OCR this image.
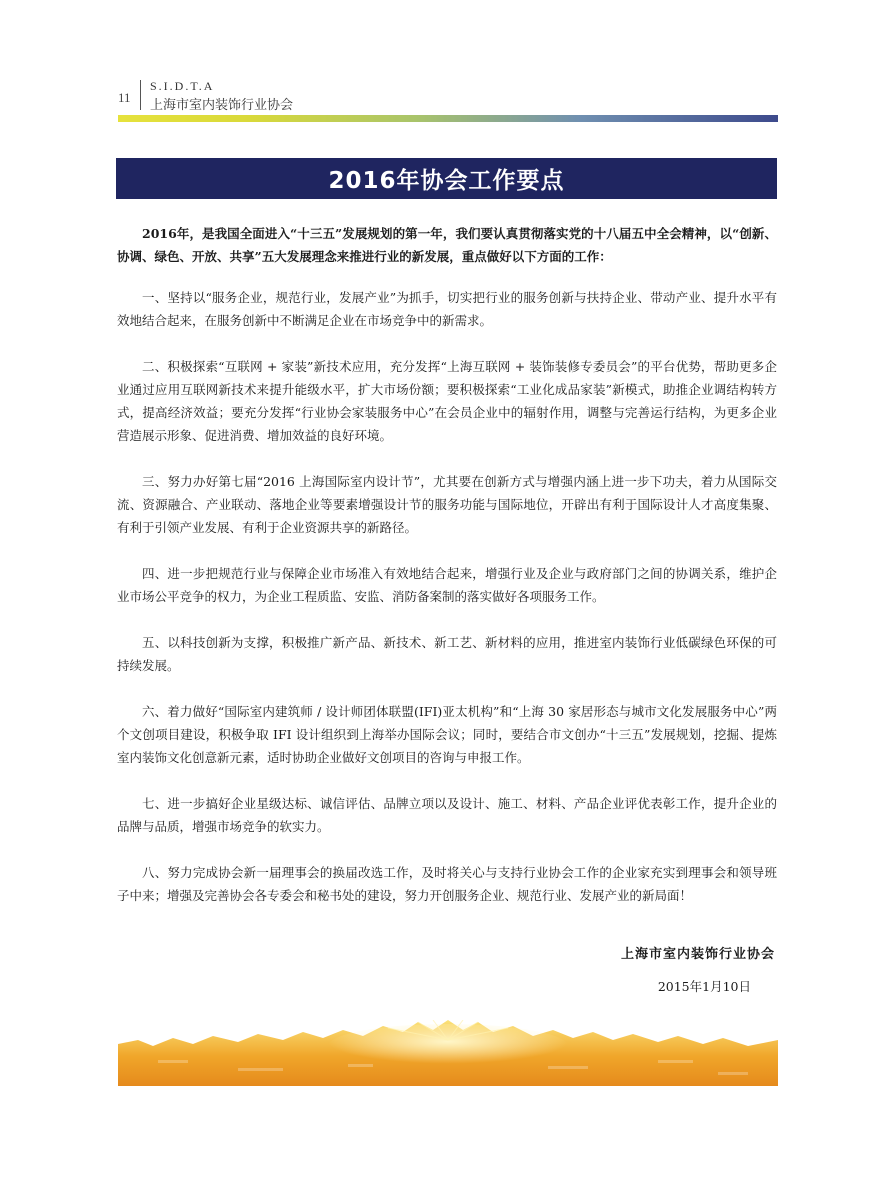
11
S.I.D.T.A
上海市室内装饰行业协会
2016年协会工作要点

2016年，是我国全面进入“十三五”发展规划的第一年，我们要认真贯彻落实党的十八届五中全会精神，以“创新、协调、绿色、开放、共享”五大发展理念来推进行业的新发展，重点做好以下方面的工作：

一、坚持以“服务企业，规范行业，发展产业”为抓手，切实把行业的服务创新与扶持企业、带动产业、提升水平有效地结合起来，在服务创新中不断满足企业在市场竞争中的新需求。

二、积极探索“互联网 + 家装”新技术应用，充分发挥“上海互联网 + 装饰装修专委员会”的平台优势，帮助更多企业通过应用互联网新技术来提升能级水平，扩大市场份额；要积极探索“工业化成品家装”新模式，助推企业调结构转方式，提高经济效益；要充分发挥“行业协会家装服务中心”在会员企业中的辐射作用，调整与完善运行结构，为更多企业营造展示形象、促进消费、增加效益的良好环境。

三、努力办好第七届“2016 上海国际室内设计节”，尤其要在创新方式与增强内涵上进一步下功夫，着力从国际交流、资源融合、产业联动、落地企业等要素增强设计节的服务功能与国际地位，开辟出有利于国际设计人才高度集聚、有利于引领产业发展、有利于企业资源共享的新路径。

四、进一步把规范行业与保障企业市场准入有效地结合起来，增强行业及企业与政府部门之间的协调关系，维护企业市场公平竞争的权力，为企业工程质监、安监、消防备案制的落实做好各项服务工作。

五、以科技创新为支撑，积极推广新产品、新技术、新工艺、新材料的应用，推进室内装饰行业低碳绿色环保的可持续发展。

六、着力做好“国际室内建筑师 / 设计师团体联盟(IFI)亚太机构”和“上海 30 家居形态与城市文化发展服务中心”两个文创项目建设，积极争取 IFI 设计组织到上海举办国际会议；同时，要结合市文创办“十三五”发展规划，挖掘、提炼室内装饰文化创意新元素，适时协助企业做好文创项目的咨询与申报工作。

七、进一步搞好企业星级达标、诚信评估、品牌立项以及设计、施工、材料、产品企业评优表彰工作，提升企业的品牌与品质，增强市场竞争的软实力。

八、努力完成协会新一届理事会的换届改选工作，及时将关心与支持行业协会工作的企业家充实到理事会和领导班子中来；增强及完善协会各专委会和秘书处的建设，努力开创服务企业、规范行业、发展产业的新局面！

上海市室内装饰行业协会
2015年1月10日
